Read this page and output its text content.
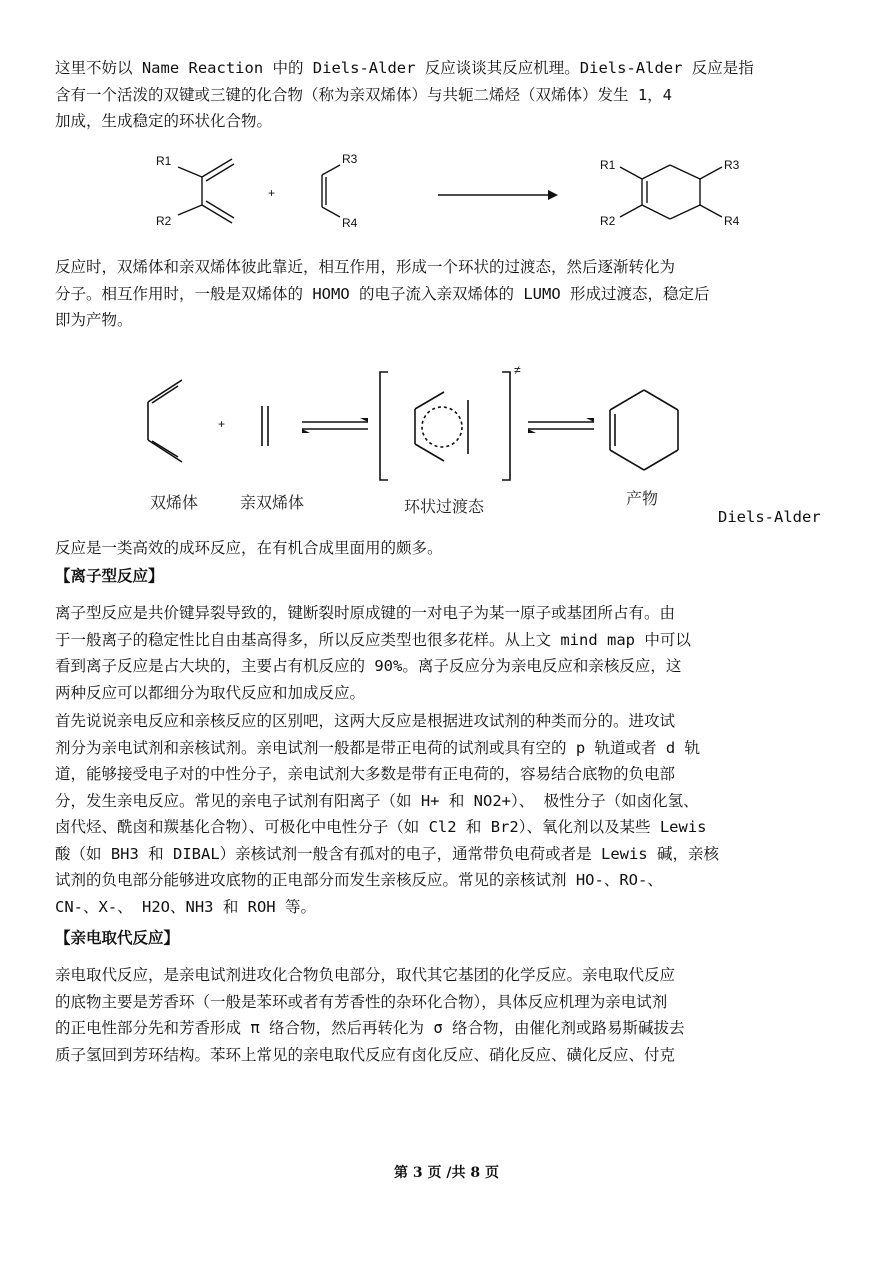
这里不妨以 Name Reaction 中的 Diels-Alder 反应谈谈其反应机理。Diels-Alder 反应是指
含有一个活泼的双键或三键的化合物（称为亲双烯体）与共轭二烯烃（双烯体）发生 1，4
加成，生成稳定的环状化合物。

R1
R2
+
R3
R4
R1
R2
R3
R4

反应时，双烯体和亲双烯体彼此靠近，相互作用，形成一个环状的过渡态，然后逐渐转化为
分子。相互作用时，一般是双烯体的 HOMO 的电子流入亲双烯体的 LUMO 形成过渡态，稳定后
即为产物。

+
≠
双烯体	亲双烯体	环状过渡态	产物
Diels-Alder

反应是一类高效的成环反应，在有机合成里面用的颇多。

【离子型反应】

离子型反应是共价键异裂导致的，键断裂时原成键的一对电子为某一原子或基团所占有。由
于一般离子的稳定性比自由基高得多，所以反应类型也很多花样。从上文 mind map 中可以
看到离子反应是占大块的，主要占有机反应的 90%。离子反应分为亲电反应和亲核反应，这
两种反应可以都细分为取代反应和加成反应。

首先说说亲电反应和亲核反应的区别吧，这两大反应是根据进攻试剂的种类而分的。进攻试
剂分为亲电试剂和亲核试剂。亲电试剂一般都是带正电荷的试剂或具有空的 p 轨道或者 d 轨
道，能够接受电子对的中性分子，亲电试剂大多数是带有正电荷的，容易结合底物的负电部
分，发生亲电反应。常见的亲电子试剂有阳离子（如 H+ 和 NO2+）、 极性分子（如卤化氢、
卤代烃、酰卤和羰基化合物）、可极化中电性分子（如 Cl2 和 Br2）、氧化剂以及某些 Lewis
酸（如 BH3 和 DIBAL）亲核试剂一般含有孤对的电子，通常带负电荷或者是 Lewis 碱，亲核
试剂的负电部分能够进攻底物的正电部分而发生亲核反应。常见的亲核试剂 HO-、RO-、
CN-、X-、 H2O、NH3 和 ROH 等。

【亲电取代反应】

亲电取代反应，是亲电试剂进攻化合物负电部分，取代其它基团的化学反应。亲电取代反应
的底物主要是芳香环（一般是苯环或者有芳香性的杂环化合物），具体反应机理为亲电试剂
的正电性部分先和芳香形成 π 络合物，然后再转化为 σ 络合物，由催化剂或路易斯碱拔去
质子氢回到芳环结构。苯环上常见的亲电取代反应有卤化反应、硝化反应、磺化反应、付克

第 3 页 /共 8 页
